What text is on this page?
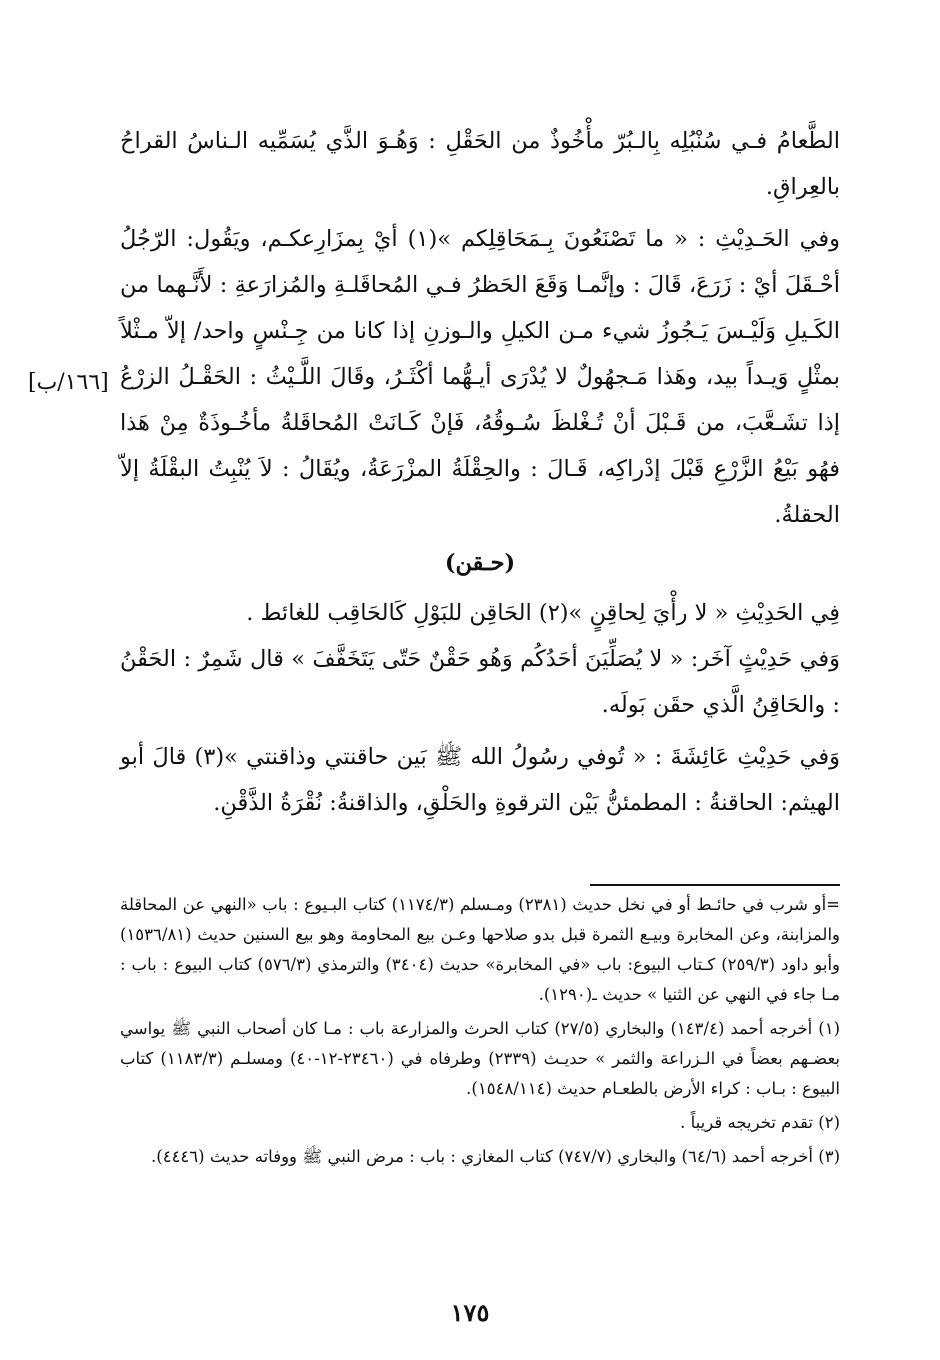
الطَّعامُ فـي سُنْبُلِه بِالـبُرّ مأْخُوذٌ من الحَقْلِ : وَهُـوَ الذَّي يُسَمِّيه الـناسُ القراحُ بالعِراقِ.

وفي الحَـدِيْثِ : « ما تَصْنَعُونَ بِـمَحَاقِلِكم »(١) أيْ بِمزَارِعكـم، ويَقُول: الرّجُلُ أحْـقَلَ أيْ : زَرَعَ، قَالَ : وإنَّمـا وَقَعَ الحَظرُ فـي المُحاقَلـةِ والمُزارَعةِ : لأَنَّـهما من الكَـيلِ وَلَيْـسَ يَـجُوزُ شيء مـن الكيلِ والـوزنِ إذا كانا من جِـنْسٍ واحد/ إلاّ مـثْلاً بمثْلٍ وَيـداً بيد، وهَذا مَـجهُولٌ لا يُدْرَى أيـهُّما أكْثَـرُ، وقَالَ اللَّـيْثُ : الحَقْـلُ الزرْعُ إذا تشَـعَّبَ، من قَـبْلَ أنْ تُـغْلظَ سُـوقُهُ، فَإنْ كَـانَتْ المُحاقَلةُ مأخُـوذَةٌ مِنْ هَذا فهُو بَيْعُ الزَّرْعِ قَبْلَ إدْراكِه، قَـالَ : والحِقْلَةُ المزْرَعَةُ، ويُقَالُ : لاَ يُنْبِتُ البقْلَةُ إلاّ الحقلةُ.

(حـقن)

فِي الحَدِيْثِ « لا رأْيَ لِحاقِنٍ »(٢) الحَاقِن للبَوْلِ كَالحَاقِب للغائط .

وَفي حَدِيْثٍ آخَر: « لا يُصَلِّيَنَ أحَدُكُم وَهُو حَقْنٌ حَتّى يَتَخَفَّفَ » قال شَمِرٌ : الحَقْنُ : والحَاقِنُ الَّذي حقَن بَولَه.

وَفي حَدِيْثِ عَائِشَةَ : « تُوفي رسُولُ الله ﷺ بَين حاقنتي وذاقنتي »(٣) قالَ أبو الهيثم: الحاقنةُ : المطمئنُّ بَيْن الترقوةِ والحَلْقِ، والذاقنةُ: نُقْرَةُ الذَّقْنِ.

[١٦٦/ب]

=أو شرب في حائـط أو في نخل حديث (٢٣٨١) ومـسلم (١١٧٤/٣) كتاب البـيوع : باب «النهي عن المحاقلة والمزابنة، وعن المخابرة وبيـع الثمرة قبل بدو صلاحها وعـن بيع المحاومة وهو بيع السنين حديث (١٥٣٦/٨١) وأبو داود (٢٥٩/٣) كـتاب البيوع: باب «في المخابرة» حديث (٣٤٠٤) والترمذي (٥٧٦/٣) كتاب البيوع : باب : مـا جاء في النهي عن الثنيا » حديث ـ(١٢٩٠).

(١) أخرجه أحمد (١٤٣/٤) والبخاري (٢٧/٥) كتاب الحرث والمزارعة باب : مـا كان أصحاب النبي ﷺ يواسي بعضـهم بعضاً في الـزراعة والثمر » حديـث (٢٣٣٩) وطرفاه في (٢٣٤٦٠-١٢-٤٠) ومسلـم (١١٨٣/٣) كتاب البيوع : بـاب : كراء الأرض بالطعـام حديث (١٥٤٨/١١٤).

(٢) تقدم تخريجه قريباً .

(٣) أخرجه أحمد (٦٤/٦) والبخاري (٧٤٧/٧) كتاب المغازي : باب : مرض النبي ﷺ ووفاته حديث (٤٤٤٦).

١٧٥
